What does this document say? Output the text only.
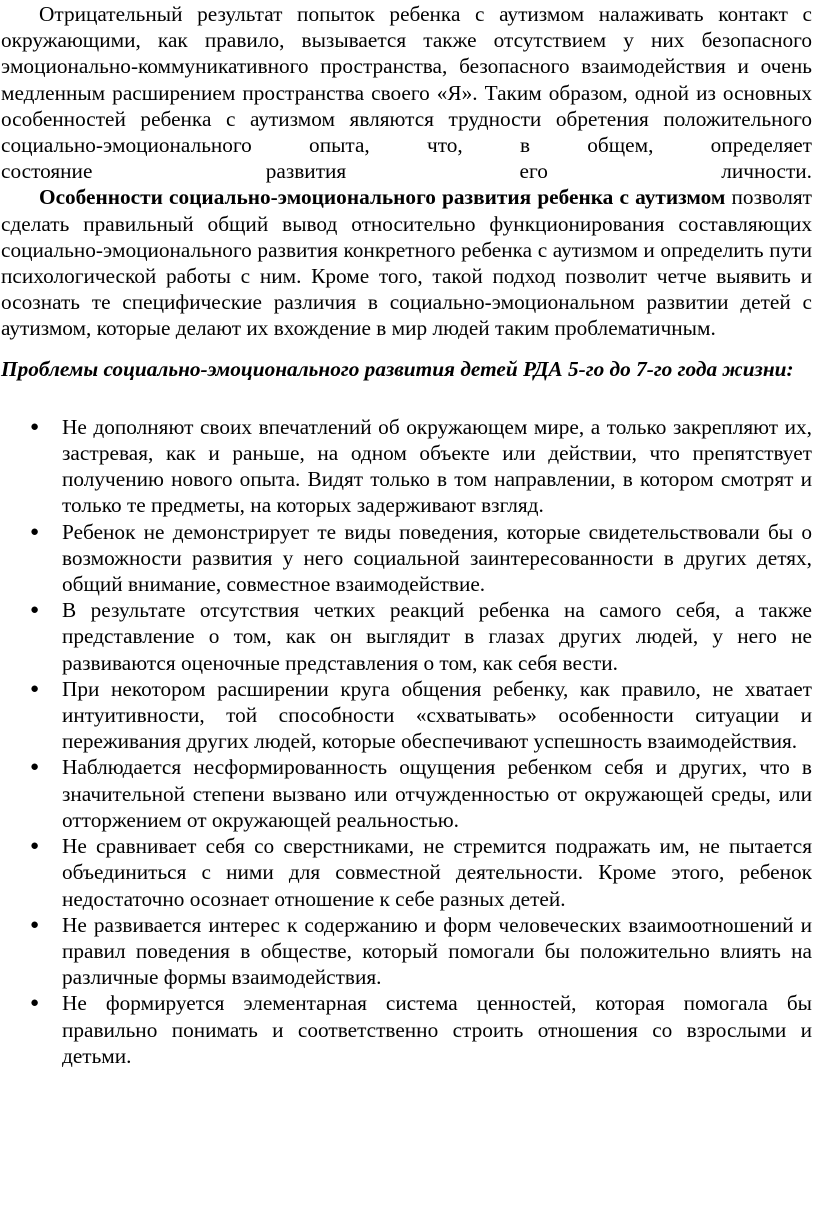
Отрицательный результат попыток ребенка с аутизмом налаживать контакт с окружающими, как правило, вызывается также отсутствием у них безопасного эмоционально-коммуникативного пространства, безопасного взаимодействия и очень медленным расширением пространства своего «Я». Таким образом, одной из основных особенностей ребенка с аутизмом являются трудности обретения положительного социально-эмоционального опыта, что, в общем, определяет

состояние развития его личности.

Особенности социально-эмоционального развития ребенка с аутизмом позволят сделать правильный общий вывод относительно функционирования составляющих социально-эмоционального развития конкретного ребенка с аутизмом и определить пути психологической работы с ним. Кроме того, такой подход позволит четче выявить и осознать те специфические различия в социально-эмоциональном развитии детей с аутизмом, которые делают их вхождение в мир людей таким проблематичным.

Проблемы социально-эмоционального развития детей РДА 5-го до 7-го года жизни:

● Не дополняют своих впечатлений об окружающем мире, а только закрепляют их, застревая, как и раньше, на одном объекте или действии, что препятствует получению нового опыта. Видят только в том направлении, в котором смотрят и только те предметы, на которых задерживают взгляд.
● Ребенок не демонстрирует те виды поведения, которые свидетельствовали бы о возможности развития у него социальной заинтересованности в других детях, общий внимание, совместное взаимодействие.
● В результате отсутствия четких реакций ребенка на самого себя, а также представление о том, как он выглядит в глазах других людей, у него не развиваются оценочные представления о том, как себя вести.
● При некотором расширении круга общения ребенку, как правило, не хватает интуитивности, той способности «схватывать» особенности ситуации и переживания других людей, которые обеспечивают успешность взаимодействия.
● Наблюдается несформированность ощущения ребенком себя и других, что в значительной степени вызвано или отчужденностью от окружающей среды, или отторжением от окружающей реальностью.
● Не сравнивает себя со сверстниками, не стремится подражать им, не пытается объединиться с ними для совместной деятельности. Кроме этого, ребенок недостаточно осознает отношение к себе разных детей.
● Не развивается интерес к содержанию и форм человеческих взаимоотношений и правил поведения в обществе, который помогали бы положительно влиять на различные формы взаимодействия.
● Не формируется элементарная система ценностей, которая помогала бы правильно понимать и соответственно строить отношения со взрослыми и детьми.
